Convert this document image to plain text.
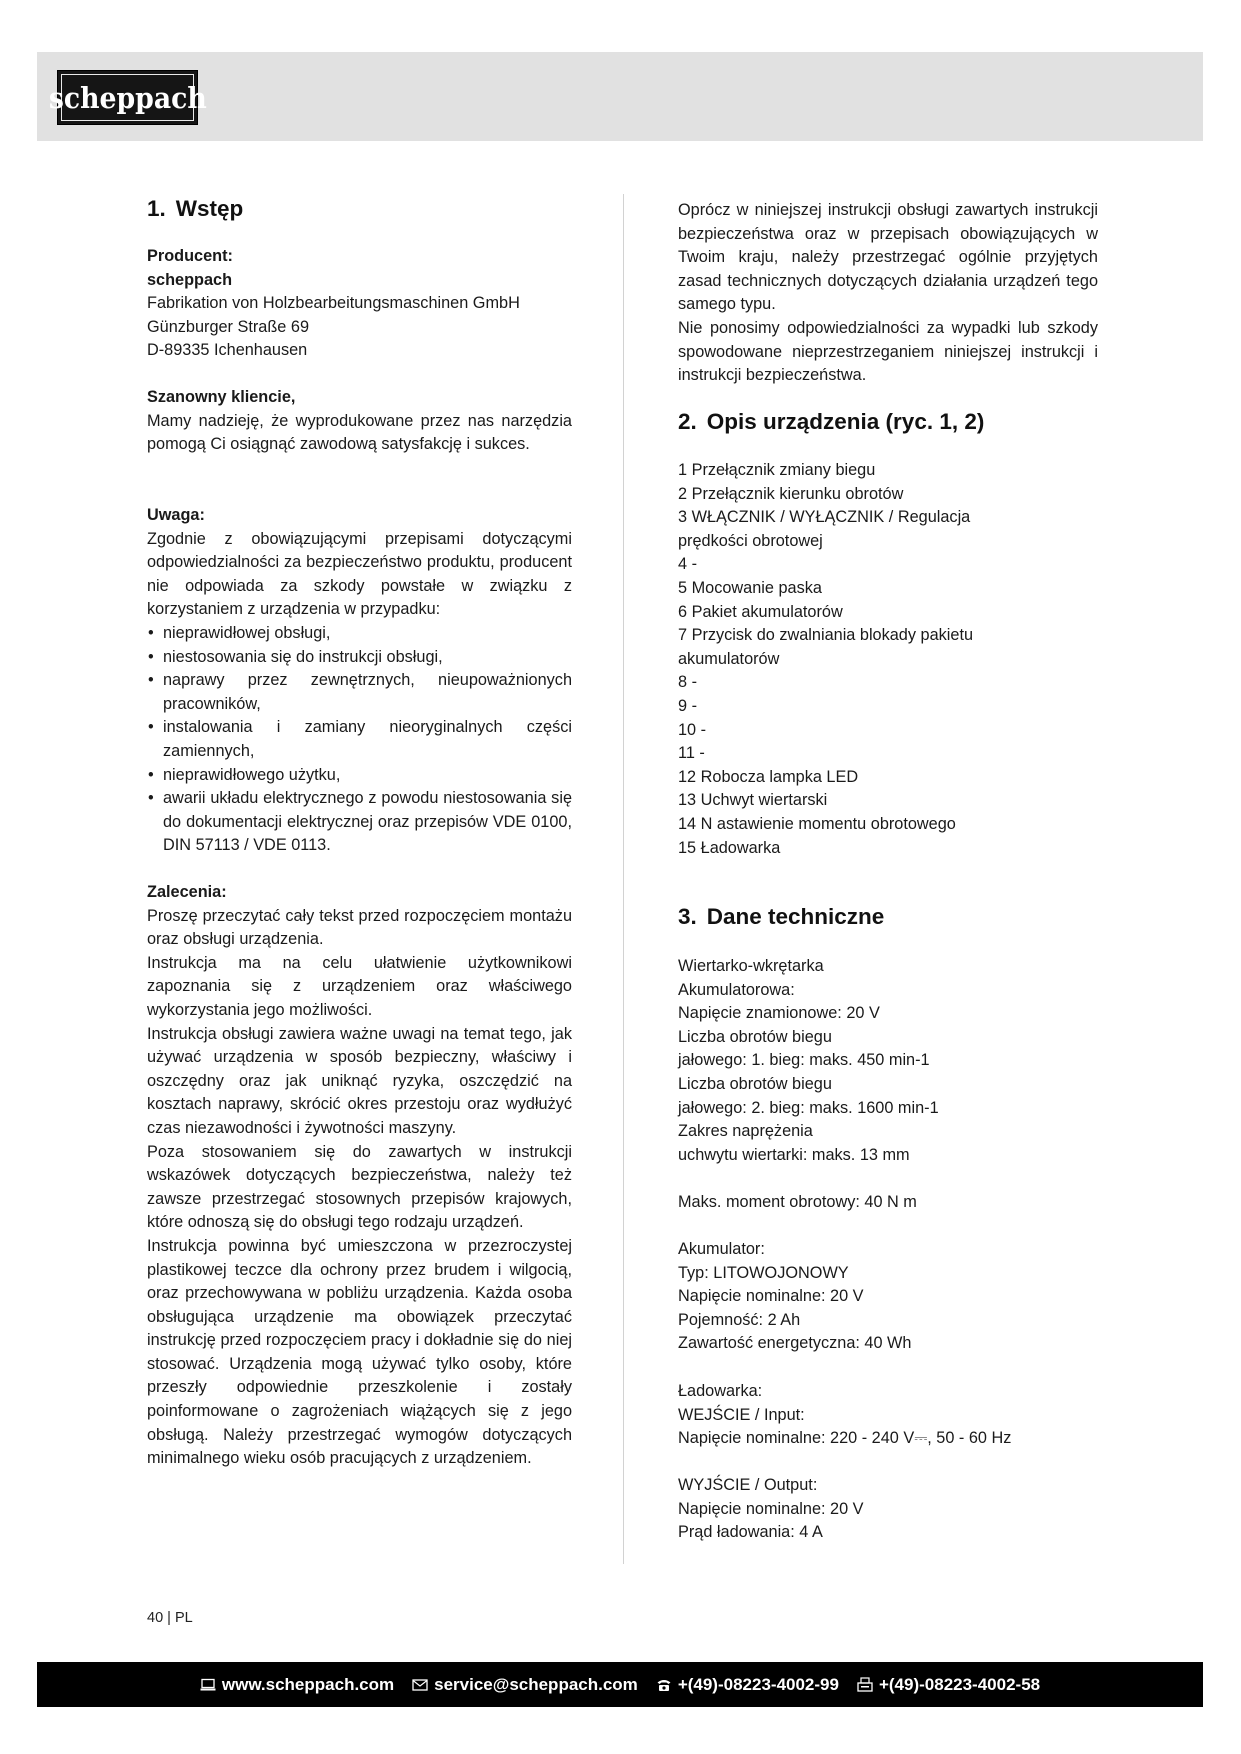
scheppach
1. Wstęp
Producent:
scheppach
Fabrikation von Holzbearbeitungsmaschinen GmbH
Günzburger Straße 69
D-89335 Ichenhausen
Szanowny kliencie,
Mamy nadzieję, że wyprodukowane przez nas narzędzia pomogą Ci osiągnąć zawodową satysfakcję i sukces.
Uwaga:
Zgodnie z obowiązującymi przepisami dotyczącymi odpowiedzialności za bezpieczeństwo produktu, producent nie odpowiada za szkody powstałe w związku z korzystaniem z urządzenia w przypadku:
• nieprawidłowej obsługi,
• niestosowania się do instrukcji obsługi,
• naprawy przez zewnętrznych, nieupoważnionych pracowników,
• instalowania i zamiany nieoryginalnych części zamiennych,
• nieprawidłowego użytku,
• awarii układu elektrycznego z powodu niestosowania się do dokumentacji elektrycznej oraz przepisów VDE 0100, DIN 57113 / VDE 0113.
Zalecenia:
Proszę przeczytać cały tekst przed rozpoczęciem montażu oraz obsługi urządzenia.
Instrukcja ma na celu ułatwienie użytkownikowi zapoznania się z urządzeniem oraz właściwego wykorzystania jego możliwości.
Instrukcja obsługi zawiera ważne uwagi na temat tego, jak używać urządzenia w sposób bezpieczny, właściwy i oszczędny oraz jak uniknąć ryzyka, oszczędzić na kosztach naprawy, skrócić okres przestoju oraz wydłużyć czas niezawodności i żywotności maszyny.
Poza stosowaniem się do zawartych w instrukcji wskazówek dotyczących bezpieczeństwa, należy też zawsze przestrzegać stosownych przepisów krajowych, które odnoszą się do obsługi tego rodzaju urządzeń.
Instrukcja powinna być umieszczona w przezroczystej plastikowej teczce dla ochrony przez brudem i wilgocią, oraz przechowywana w pobliżu urządzenia. Każda osoba obsługująca urządzenie ma obowiązek przeczytać instrukcję przed rozpoczęciem pracy i dokładnie się do niej stosować. Urządzenia mogą używać tylko osoby, które przeszły odpowiednie przeszkolenie i zostały poinformowane o zagrożeniach wiążących się z jego obsługą. Należy przestrzegać wymogów dotyczących minimalnego wieku osób pracujących z urządzeniem.
Oprócz w niniejszej instrukcji obsługi zawartych instrukcji bezpieczeństwa oraz w przepisach obowiązujących w Twoim kraju, należy przestrzegać ogólnie przyjętych zasad technicznych dotyczących działania urządzeń tego samego typu.
Nie ponosimy odpowiedzialności za wypadki lub szkody spowodowane nieprzestrzeganiem niniejszej instrukcji i instrukcji bezpieczeństwa.
2. Opis urządzenia (ryc. 1, 2)
1 Przełącznik zmiany biegu
2 Przełącznik kierunku obrotów
3 WŁĄCZNIK / WYŁĄCZNIK / Regulacja
prędkości obrotowej
4 -
5 Mocowanie paska
6 Pakiet akumulatorów
7 Przycisk do zwalniania blokady pakietu
akumulatorów
8 -
9 -
10 -
11 -
12 Robocza lampka LED
13 Uchwyt wiertarski
14 N astawienie momentu obrotowego
15 Ładowarka
3. Dane techniczne
Wiertarko-wkrętarka
Akumulatorowa:
Napięcie znamionowe: 20 V
Liczba obrotów biegu
jałowego: 1. bieg: maks. 450 min-1
Liczba obrotów biegu
jałowego: 2. bieg: maks. 1600 min-1
Zakres naprężenia
uchwytu wiertarki: maks. 13 mm
Maks. moment obrotowy: 40 N m
Akumulator:
Typ: LITOWOJONOWY
Napięcie nominalne: 20 V
Pojemność: 2 Ah
Zawartość energetyczna: 40 Wh
Ładowarka:
WEJŚCIE / Input:
Napięcie nominalne: 220 - 240 V⎓, 50 - 60 Hz
WYJŚCIE / Output:
Napięcie nominalne: 20 V
Prąd ładowania: 4 A
40 | PL
www.scheppach.com service@scheppach.com +(49)-08223-4002-99 +(49)-08223-4002-58
